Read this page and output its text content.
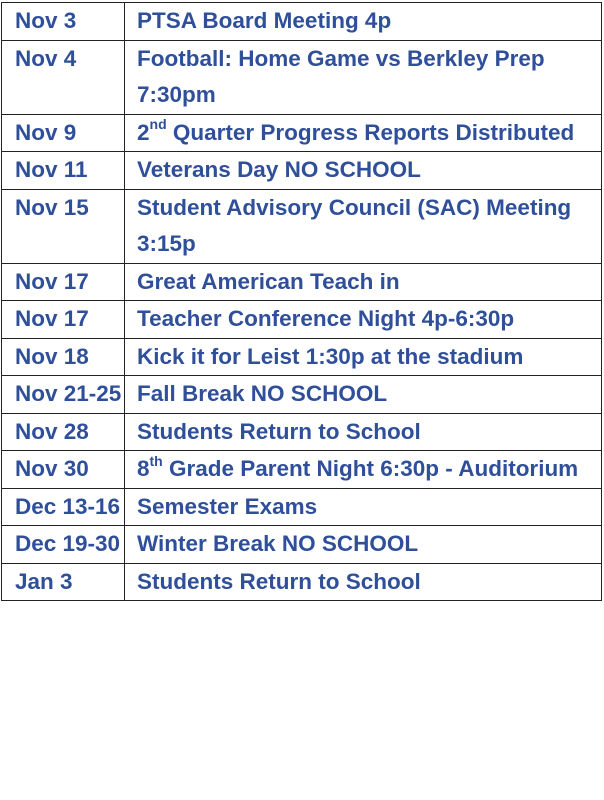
Nov 3	PTSA Board Meeting 4p
Nov 4	Football: Home Game vs Berkley Prep 7:30pm
Nov 9	2nd Quarter Progress Reports Distributed
Nov 11	Veterans Day NO SCHOOL
Nov 15	Student Advisory Council (SAC) Meeting 3:15p
Nov 17	Great American Teach in
Nov 17	Teacher Conference Night 4p-6:30p
Nov 18	Kick it for Leist 1:30p at the stadium
Nov 21-25	Fall Break NO SCHOOL
Nov 28	Students Return to School
Nov 30	8th Grade Parent Night 6:30p - Auditorium
Dec 13-16	Semester Exams
Dec 19-30	Winter Break NO SCHOOL
Jan 3	Students Return to School
